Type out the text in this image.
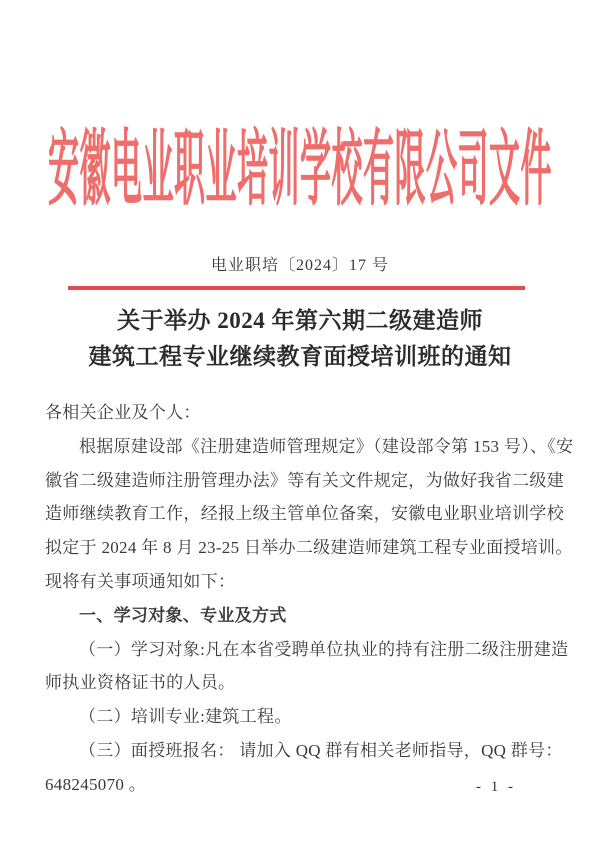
安徽电业职业培训学校有限公司文件
电业职培〔2024〕17 号
关于举办 2024 年第六期二级建造师
建筑工程专业继续教育面授培训班的通知
各相关企业及个人：
根据原建设部《注册建造师管理规定》（建设部令第 153 号）、《安
徽省二级建造师注册管理办法》等有关文件规定，为做好我省二级建
造师继续教育工作，经报上级主管单位备案，安徽电业职业培训学校
拟定于 2024 年 8 月 23-25 日举办二级建造师建筑工程专业面授培训。
现将有关事项通知如下：
一、学习对象、专业及方式
（一）学习对象:凡在本省受聘单位执业的持有注册二级注册建造
师执业资格证书的人员。
（二）培训专业:建筑工程。
（三）面授班报名： 请加入 QQ 群有相关老师指导，QQ 群号：
648245070 。	- 1 -
